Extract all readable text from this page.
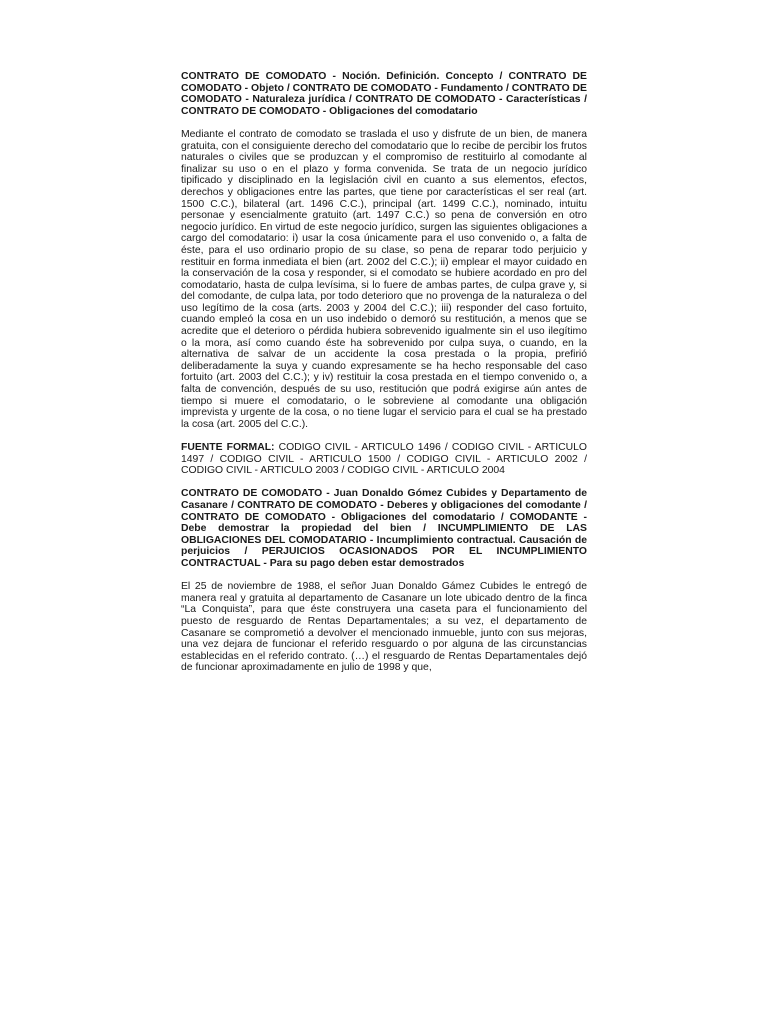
CONTRATO DE COMODATO - Noción. Definición. Concepto / CONTRATO DE COMODATO - Objeto / CONTRATO DE COMODATO - Fundamento / CONTRATO DE COMODATO - Naturaleza jurídica / CONTRATO DE COMODATO - Características / CONTRATO DE COMODATO - Obligaciones del comodatario

Mediante el contrato de comodato se traslada el uso y disfrute de un bien, de manera gratuita, con el consiguiente derecho del comodatario que lo recibe de percibir los frutos naturales o civiles que se produzcan y el compromiso de restituirlo al comodante al finalizar su uso o en el plazo y forma convenida. Se trata de un negocio jurídico tipificado y disciplinado en la legislación civil en cuanto a sus elementos, efectos, derechos y obligaciones entre las partes, que tiene por características el ser real (art. 1500 C.C.), bilateral (art. 1496 C.C.), principal (art. 1499 C.C.), nominado, intuitu personae y esencialmente gratuito (art. 1497 C.C.) so pena de conversión en otro negocio jurídico. En virtud de este negocio jurídico, surgen las siguientes obligaciones a cargo del comodatario: i) usar la cosa únicamente para el uso convenido o, a falta de éste, para el uso ordinario propio de su clase, so pena de reparar todo perjuicio y restituir en forma inmediata el bien (art. 2002 del C.C.); ii) emplear el mayor cuidado en la conservación de la cosa y responder, si el comodato se hubiere acordado en pro del comodatario, hasta de culpa levísima, si lo fuere de ambas partes, de culpa grave y, si del comodante, de culpa lata, por todo deterioro que no provenga de la naturaleza o del uso legítimo de la cosa (arts. 2003 y 2004 del C.C.); iii) responder del caso fortuito, cuando empleó la cosa en un uso indebido o demoró su restitución, a menos que se acredite que el deterioro o pérdida hubiera sobrevenido igualmente sin el uso ilegítimo o la mora, así como cuando éste ha sobrevenido por culpa suya, o cuando, en la alternativa de salvar de un accidente la cosa prestada o la propia, prefirió deliberadamente la suya y cuando expresamente se ha hecho responsable del caso fortuito (art. 2003 del C.C.); y iv) restituir la cosa prestada en el tiempo convenido o, a falta de convención, después de su uso, restitución que podrá exigirse aún antes de tiempo si muere el comodatario, o le sobreviene al comodante una obligación imprevista y urgente de la cosa, o no tiene lugar el servicio para el cual se ha prestado la cosa (art. 2005 del C.C.).

FUENTE FORMAL: CODIGO CIVIL - ARTICULO 1496 / CODIGO CIVIL - ARTICULO 1497 / CODIGO CIVIL - ARTICULO 1500 / CODIGO CIVIL - ARTICULO 2002 / CODIGO CIVIL - ARTICULO 2003 / CODIGO CIVIL - ARTICULO 2004

CONTRATO DE COMODATO - Juan Donaldo Gómez Cubides y Departamento de Casanare / CONTRATO DE COMODATO - Deberes y obligaciones del comodante / CONTRATO DE COMODATO - Obligaciones del comodatario / COMODANTE - Debe demostrar la propiedad del bien / INCUMPLIMIENTO DE LAS OBLIGACIONES DEL COMODATARIO - Incumplimiento contractual. Causación de perjuicios / PERJUICIOS OCASIONADOS POR EL INCUMPLIMIENTO CONTRACTUAL - Para su pago deben estar demostrados

El 25 de noviembre de 1988, el señor Juan Donaldo Gámez Cubides le entregó de manera real y gratuita al departamento de Casanare un lote ubicado dentro de la finca “La Conquista”, para que éste construyera una caseta para el funcionamiento del puesto de resguardo de Rentas Departamentales; a su vez, el departamento de Casanare se comprometió a devolver el mencionado inmueble, junto con sus mejoras, una vez dejara de funcionar el referido resguardo o por alguna de las circunstancias establecidas en el referido contrato. (…) el resguardo de Rentas Departamentales dejó de funcionar aproximadamente en julio de 1998 y que,
